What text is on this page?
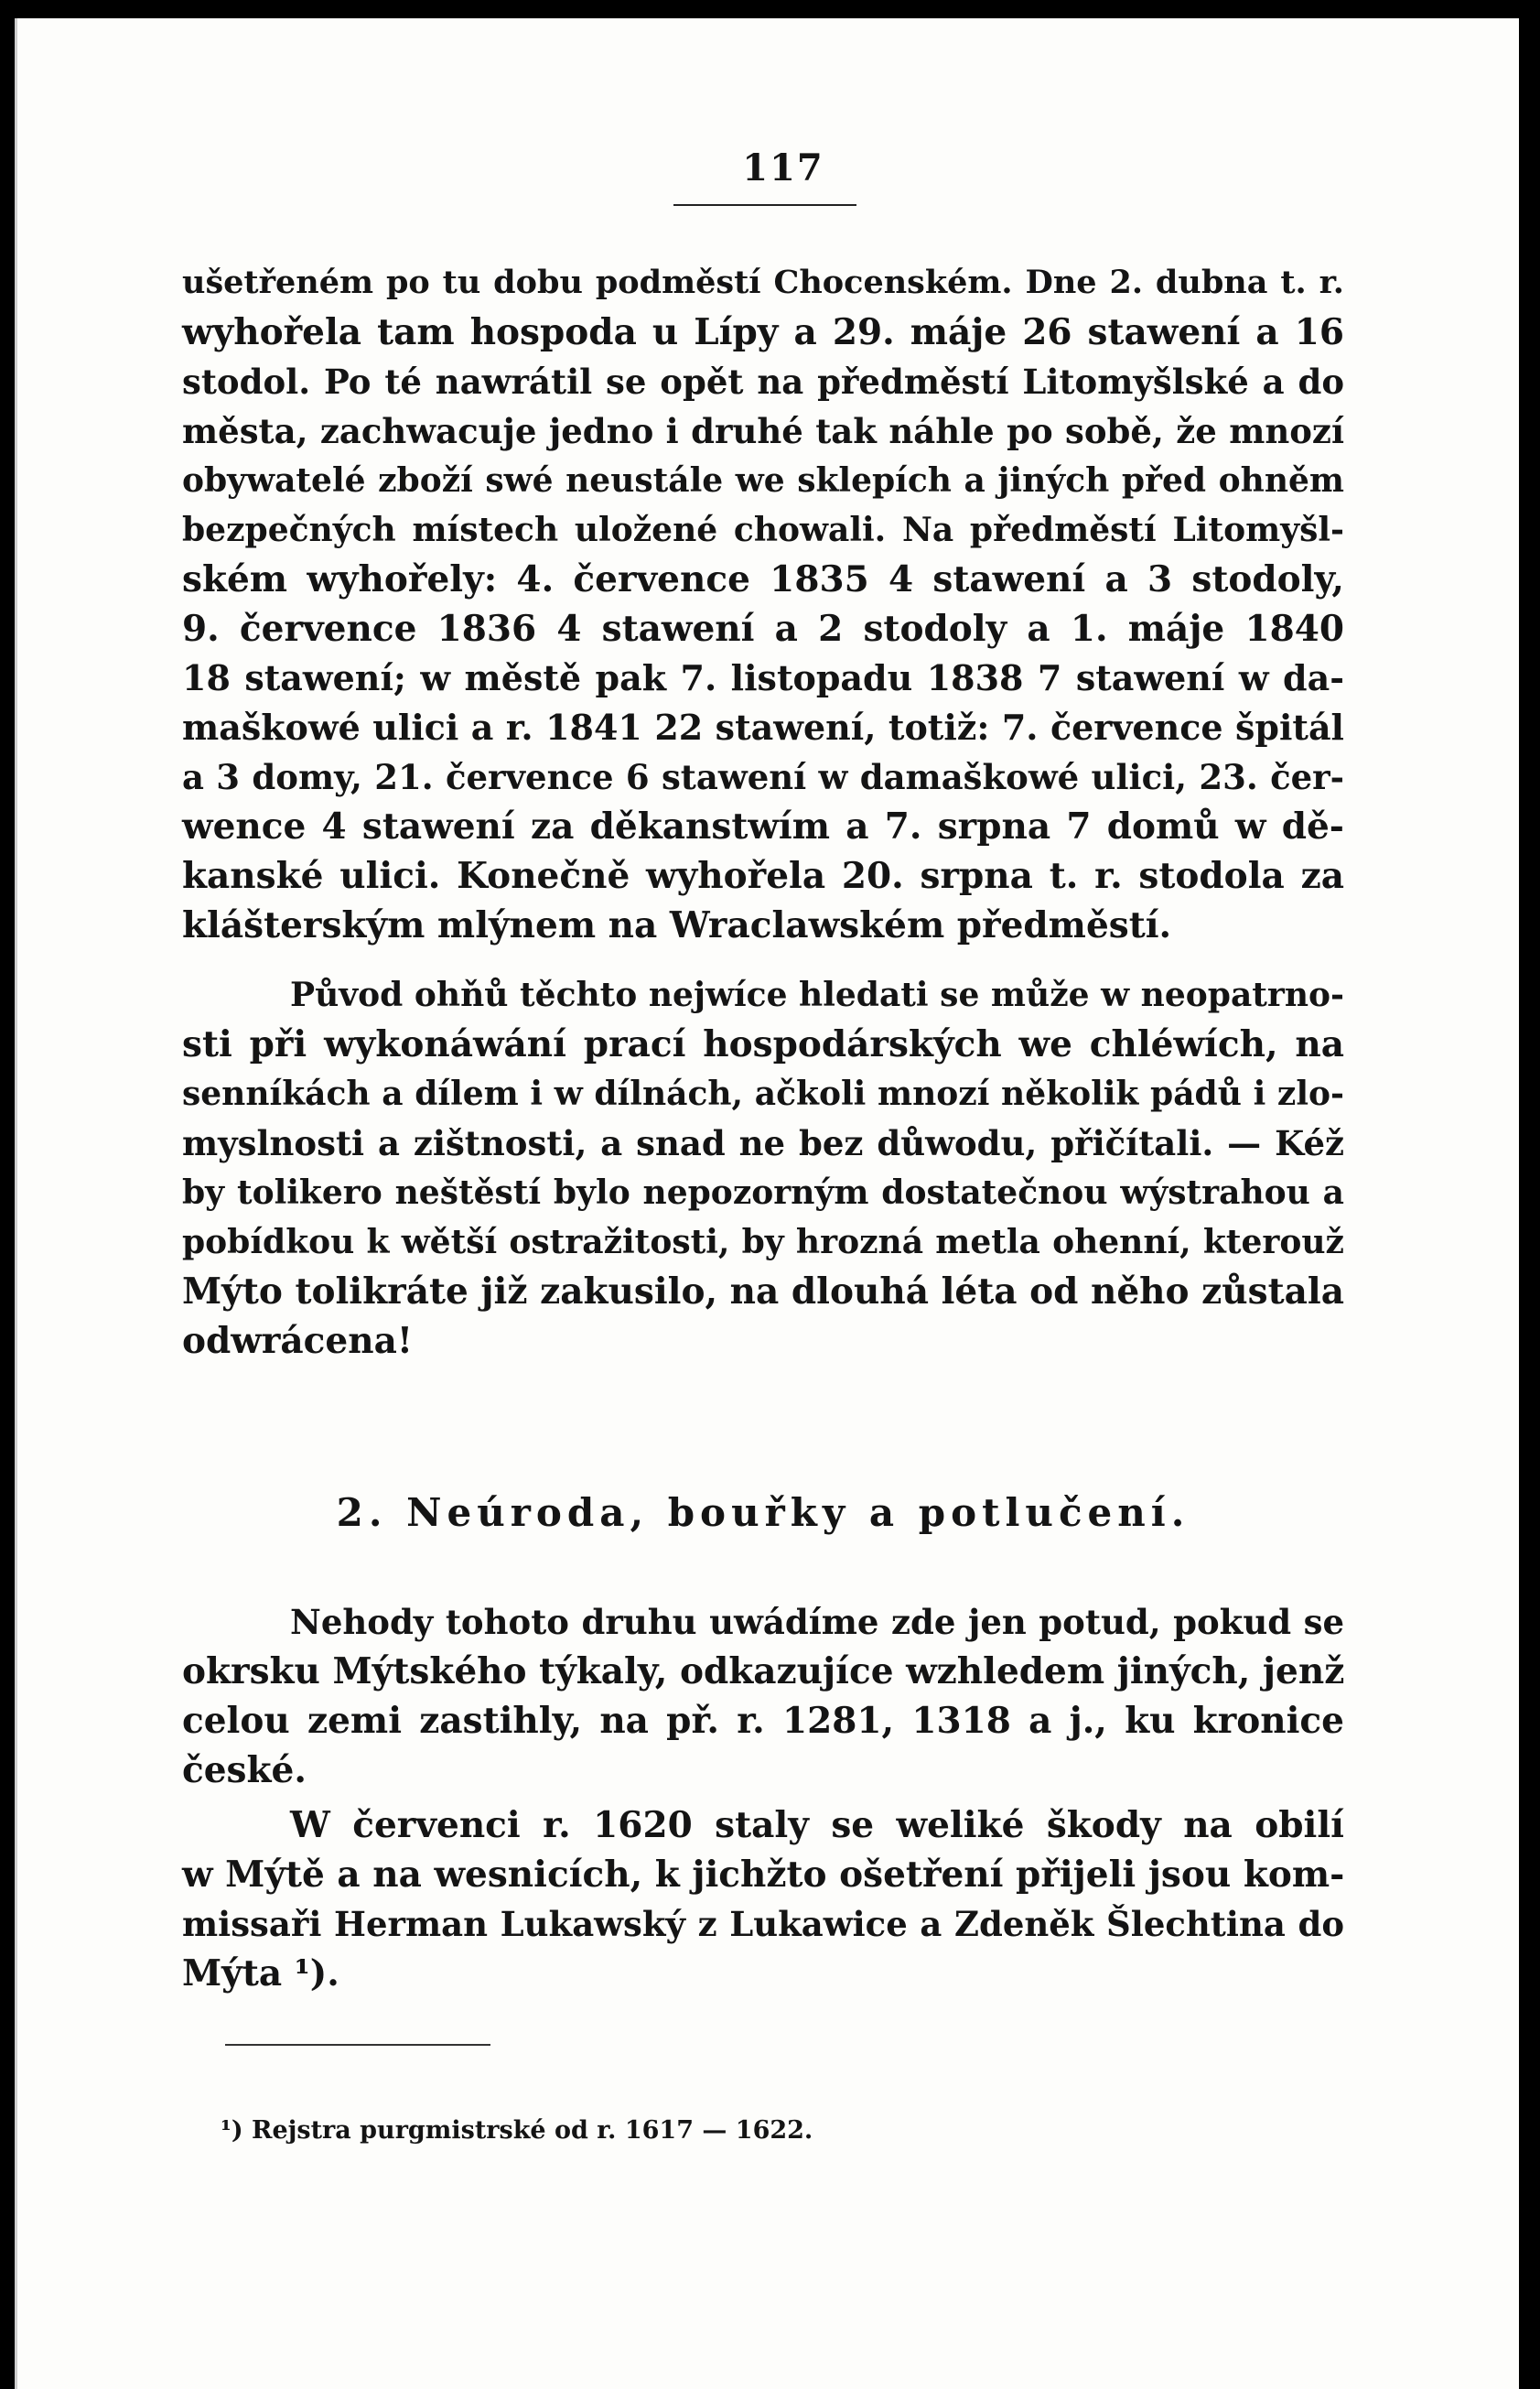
117
ušetřeném po tu dobu podměstí Chocenském. Dne 2. dubna t. r.
wyhořela tam hospoda u Lípy a 29. máje 26 stawení a 16
stodol. Po té nawrátil se opět na předměstí Litomyšlské a do
města, zachwacuje jedno i druhé tak náhle po sobě, že mnozí
obywatelé zboží swé neustále we sklepích a jiných před ohněm
bezpečných místech uložené chowali. Na předměstí Litomyšl-
ském wyhořely: 4. července 1835 4 stawení a 3 stodoly,
9. července 1836 4 stawení a 2 stodoly a 1. máje 1840
18 stawení; w městě pak 7. listopadu 1838 7 stawení w da-
maškowé ulici a r. 1841 22 stawení, totiž: 7. července špitál
a 3 domy, 21. července 6 stawení w damaškowé ulici, 23. čer-
wence 4 stawení za děkanstwím a 7. srpna 7 domů w dě-
kanské ulici. Konečně wyhořela 20. srpna t. r. stodola za
klášterským mlýnem na Wraclawském předměstí.
Původ ohňů těchto nejwíce hledati se může w neopatrno-
sti při wykonáwání prací hospodárských we chléwích, na
senníkách a dílem i w dílnách, ačkoli mnozí několik pádů i zlo-
myslnosti a zištnosti, a snad ne bez důwodu, přičítali. — Kéž
by tolikero neštěstí bylo nepozorným dostatečnou wýstrahou a
pobídkou k wětší ostražitosti, by hrozná metla ohenní, kterouž
Mýto tolikráte již zakusilo, na dlouhá léta od něho zůstala
odwrácena!
2. Neúroda, bouřky a potlučení.
Nehody tohoto druhu uwádíme zde jen potud, pokud se
okrsku Mýtského týkaly, odkazujíce wzhledem jiných, jenž
celou zemi zastihly, na př. r. 1281, 1318 a j., ku kronice
české.
W červenci r. 1620 staly se weliké škody na obilí
w Mýtě a na wesnicích, k jichžto ošetření přijeli jsou kom-
missaři Herman Lukawský z Lukawice a Zdeněk Šlechtina do
Mýta ¹).
¹) Rejstra purgmistrské od r. 1617 — 1622.
